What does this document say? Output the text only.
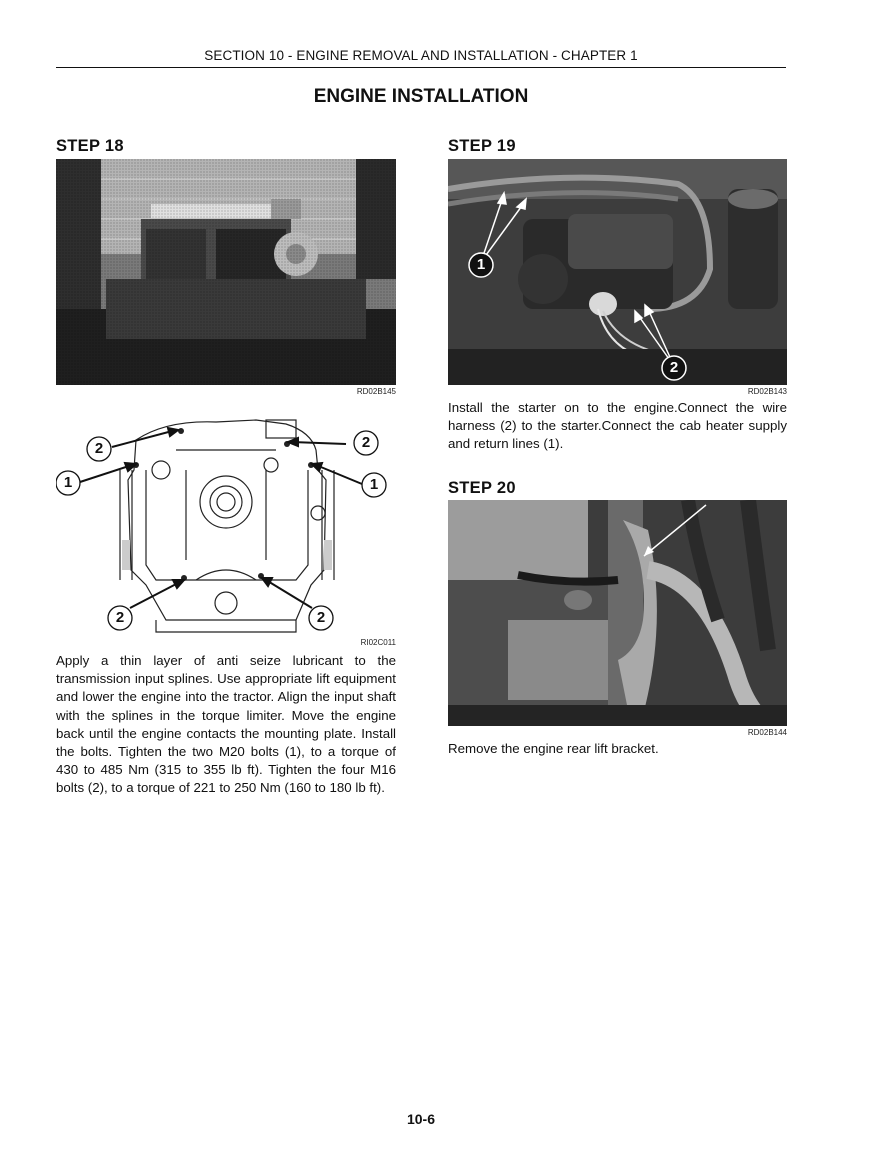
SECTION 10 - ENGINE REMOVAL AND INSTALLATION - CHAPTER 1
ENGINE INSTALLATION
STEP 18
RD02B145
2	2
1	1
2	2
RI02C011
Apply a thin layer of anti seize lubricant to the transmission input splines. Use appropriate lift equipment and lower the engine into the tractor. Align the input shaft with the splines in the torque limiter. Move the engine back until the engine contacts the mounting plate. Install the bolts. Tighten the two M20 bolts (1), to a torque of 430 to 485 Nm (315 to 355 lb ft). Tighten the four M16 bolts (2), to a torque of 221 to 250 Nm (160 to 180 lb ft).
STEP 19
1
2
RD02B143
Install the starter on to the engine.Connect the wire harness (2) to the starter.Connect the cab heater supply and return lines (1).
STEP 20
RD02B144
Remove the engine rear lift bracket.
10-6
